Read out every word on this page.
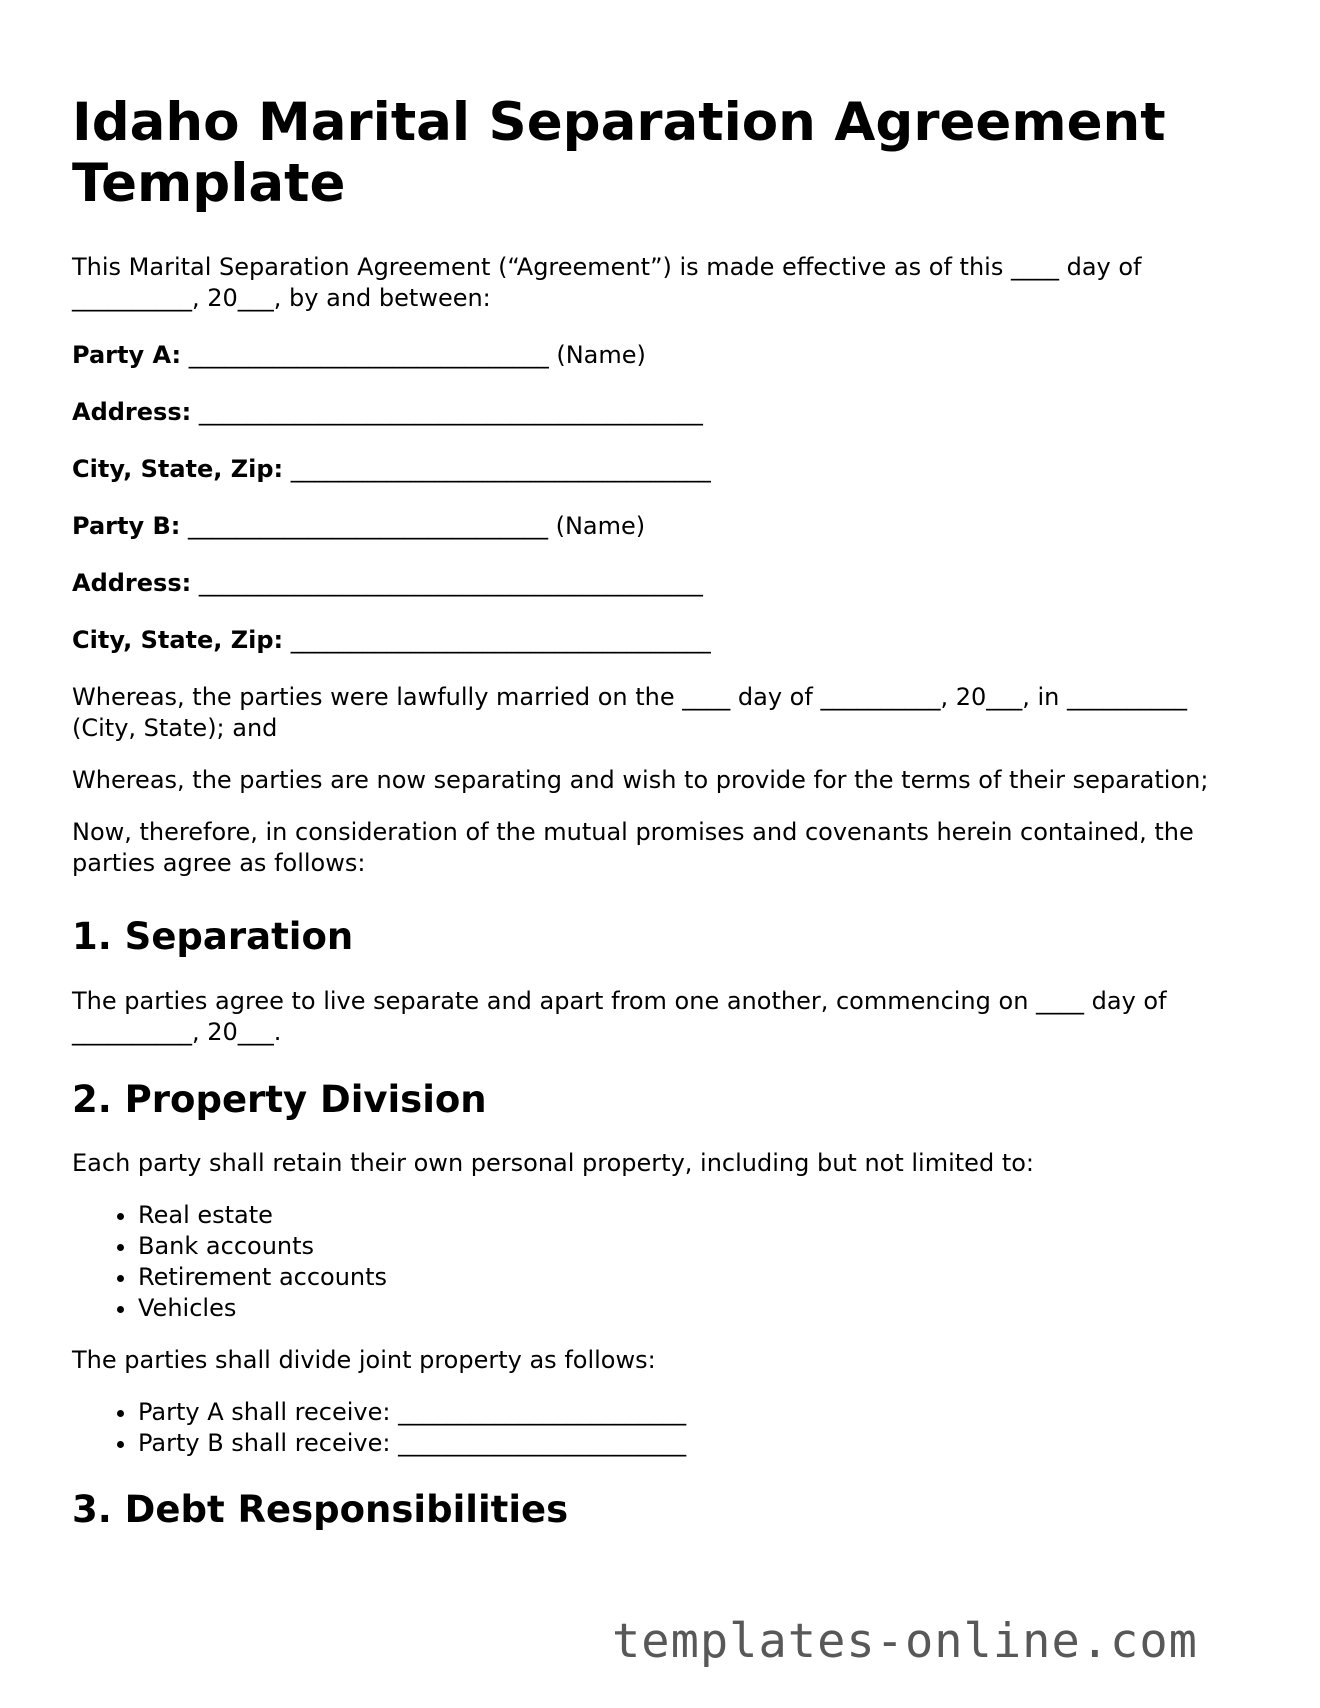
Idaho Marital Separation Agreement Template

This Marital Separation Agreement (“Agreement”) is made effective as of this ____ day of __________, 20___, by and between:

Party A: ______________________________ (Name)
Address: __________________________________________
City, State, Zip: ___________________________________
Party B: ______________________________ (Name)
Address: __________________________________________
City, State, Zip: ___________________________________

Whereas, the parties were lawfully married on the ____ day of __________, 20___, in __________ (City, State); and

Whereas, the parties are now separating and wish to provide for the terms of their separation;

Now, therefore, in consideration of the mutual promises and covenants herein contained, the parties agree as follows:

1. Separation

The parties agree to live separate and apart from one another, commencing on ____ day of __________, 20___.

2. Property Division

Each party shall retain their own personal property, including but not limited to:

• Real estate
• Bank accounts
• Retirement accounts
• Vehicles

The parties shall divide joint property as follows:

• Party A shall receive: ________________________
• Party B shall receive: ________________________
3. Debt Responsibilities
templates-online.com
